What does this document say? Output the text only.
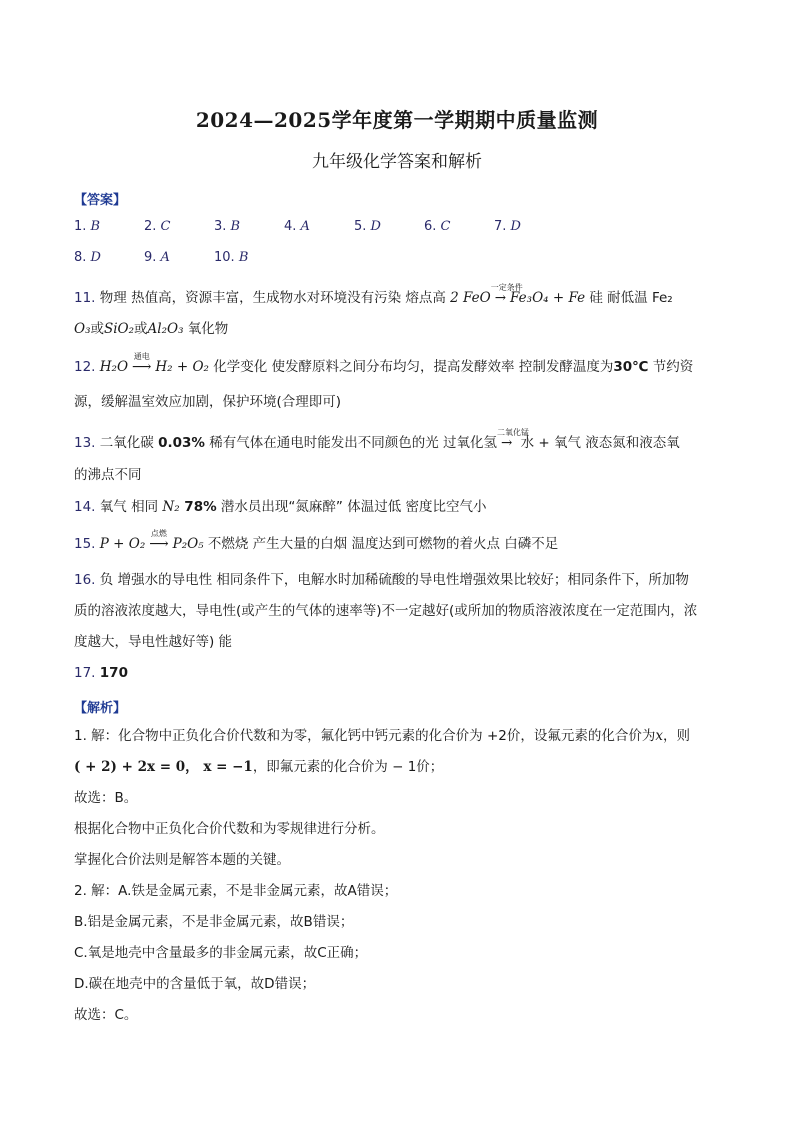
2024—2025学年度第一学期期中质量监测
九年级化学答案和解析
【答案】
1. B	2. C	3. B	4. A	5. D	6. C	7. D
8. D	9. A	10. B
11. 物理 热值高，资源丰富，生成物水对环境没有污染 熔点高 2 FeO
一定条件
→ Fe₃O₄ + Fe 硅 耐低温 Fe₂
O₃或SiO₂或Al₂O₃ 氧化物
12. H₂O
通电
⟶ H₂ + O₂ 化学变化 使发酵原料之间分布均匀，提高发酵效率 控制发酵温度为30℃ 节约资
源，缓解温室效应加剧，保护环境(合理即可)
13. 二氧化碳 0.03% 稀有气体在通电时能发出不同颜色的光 过氧化氢
二氧化锰
→ 水 + 氧气 液态氮和液态氧
的沸点不同
14. 氧气 相同 N₂ 78% 潜水员出现“氮麻醉” 体温过低 密度比空气小
15. P + O₂
点燃
⟶ P₂O₅ 不燃烧 产生大量的白烟 温度达到可燃物的着火点 白磷不足
16. 负 增强水的导电性 相同条件下，电解水时加稀硫酸的导电性增强效果比较好；相同条件下，所加物
质的溶液浓度越大，导电性(或产生的气体的速率等)不一定越好(或所加的物质溶液浓度在一定范围内，浓
度越大，导电性越好等) 能
17. 170
【解析】
1. 解：化合物中正负化合价代数和为零，氟化钙中钙元素的化合价为 +2价，设氟元素的化合价为x，则
( + 2) + 2x = 0， x = −1，即氟元素的化合价为 − 1价；
故选：B。
根据化合物中正负化合价代数和为零规律进行分析。
掌握化合价法则是解答本题的关键。
2. 解：A.铁是金属元素，不是非金属元素，故A错误；
B.铝是金属元素，不是非金属元素，故B错误；
C.氧是地壳中含量最多的非金属元素，故C正确；
D.碳在地壳中的含量低于氧，故D错误；
故选：C。
